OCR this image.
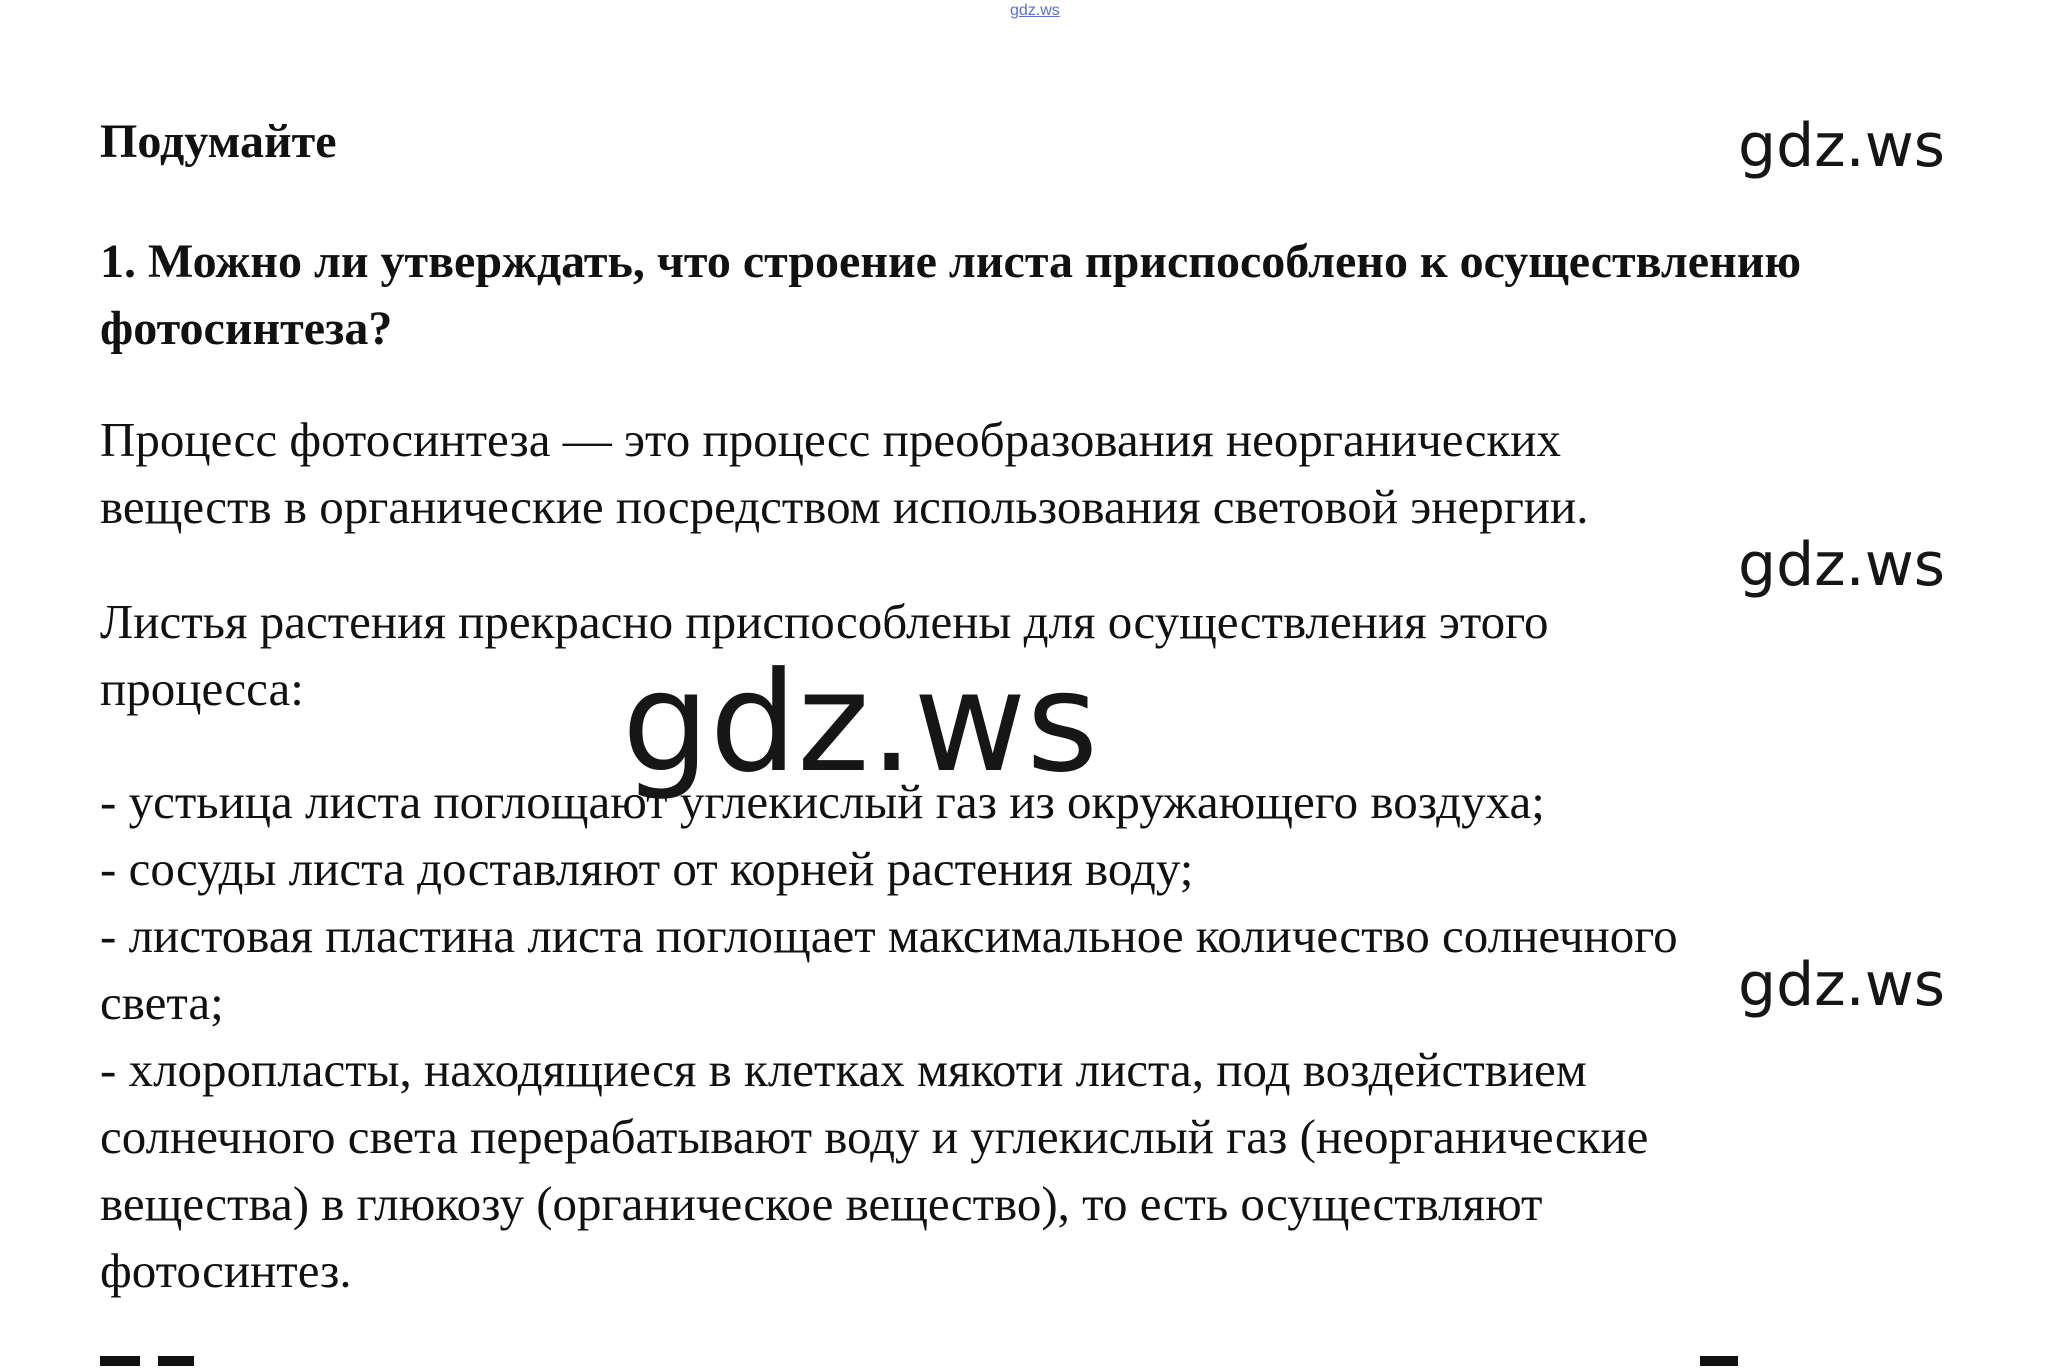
gdz.ws
Подумайте	gdz.ws
1. Можно ли утверждать, что строение листа приспособлено к осуществлению фотосинтеза?
Процесс фотосинтеза — это процесс преобразования неорганических
веществ в органические посредством использования световой энергии.
gdz.ws
Листья растения прекрасно приспособлены для осуществления этого
процесса:
- устьица листа поглощают углекислый газ из окружающего воздуха;
- сосуды листа доставляют от корней растения воду;
- листовая пластина листа поглощает максимальное количество солнечного
света;
- хлоропласты, находящиеся в клетках мякоти листа, под воздействием
солнечного света перерабатывают воду и углекислый газ (неорганические
вещества) в глюкозу (органическое вещество), то есть осуществляют
фотосинтез.
gdz.ws
gdz.ws
